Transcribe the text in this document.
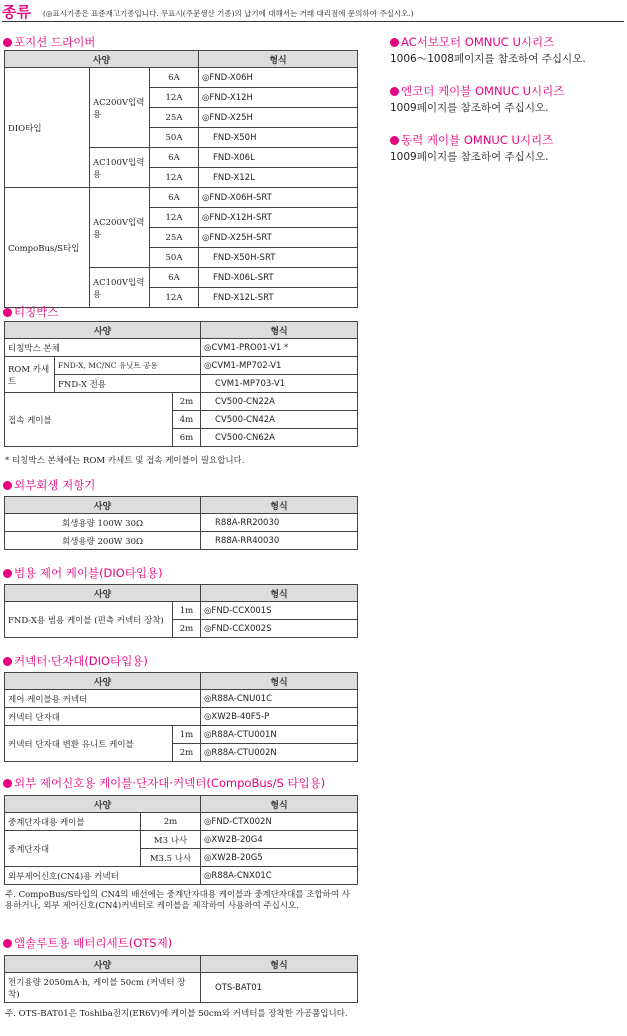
종류 (◎표시기종은 표준재고기종입니다. 무표시(주문생산 기종)의 납기에 대해서는 거래 대리점에 문의하여 주십시오.)
포지션 드라이버
사양			형식
DIO타입	AC200V입력용	6A	◎FND-X06H
		12A	◎FND-X12H
		25A	◎FND-X25H
		50A	FND-X50H
	AC100V입력용	6A	FND-X06L
		12A	FND-X12L
CompoBus/S타입	AC200V입력용	6A	◎FND-X06H-SRT
		12A	◎FND-X12H-SRT
		25A	◎FND-X25H-SRT
		50A	FND-X50H-SRT
	AC100V입력용	6A	FND-X06L-SRT
		12A	FND-X12L-SRT
티칭박스
사양			형식
티칭박스 본체			◎CVM1-PRO01-V1 *
ROM 카세트	FND-X, MC/NC 유닛트 공용		◎CVM1-MP702-V1
	FND-X 전용		CVM1-MP703-V1
접속 케이블		2m	CV500-CN22A
		4m	CV500-CN42A
		6m	CV500-CN62A
* 티칭박스 본체에는 ROM 카세트 및 접속 케이블이 필요합니다.
외부회생 저항기
사양	형식
회생용량 100W 30Ω	R88A-RR20030
회생용량 200W 30Ω	R88A-RR40030
범용 제어 케이블(DIO타입용)
사양		형식
FND-X용 범용 케이블 (편측 커넥터 장착)	1m	◎FND-CCX001S
	2m	◎FND-CCX002S
커넥터·단자대(DIO타입용)
사양		형식
제어 케이블용 커넥터		◎R88A-CNU01C
커넥터 단자대		◎XW2B-40F5-P
커넥터 단자대 변환 유니트 케이블	1m	◎R88A-CTU001N
	2m	◎R88A-CTU002N
외부 제어신호용 케이블·단자대·커넥터(CompoBus/S 타입용)
사양		형식
중계단자대용 케이블	2m	◎FND-CTX002N
중계단자대	M3 나사	◎XW2B-20G4
	M3.5 나사	◎XW2B-20G5
외부제어신호(CN4)용 커넥터		◎R88A-CNX01C
주. CompoBus/S타입의 CN4의 배선에는 중계단자대용 케이블과 중계단자대를 조합하여 사용하거나, 외부 제어신호(CN4)커넥터로 케이블을 제작하여 사용하여 주십시오.
앱솔루트용 배터리세트(OTS제)
사양	형식
전기용량 2050mA·h, 케이블 50cm (커넥터 장착)	OTS-BAT01
주. OTS-BAT01은 Toshiba전지(ER6V)에 케이블 50cm와 커넥터를 장착한 가공품입니다.
AC서보모터 OMNUC U시리즈
1006～1008페이지를 참조하여 주십시오.
엔코더 케이블 OMNUC U시리즈
1009페이지를 참조하여 주십시오.
동력 케이블 OMNUC U시리즈
1009페이지를 참조하여 주십시오.
